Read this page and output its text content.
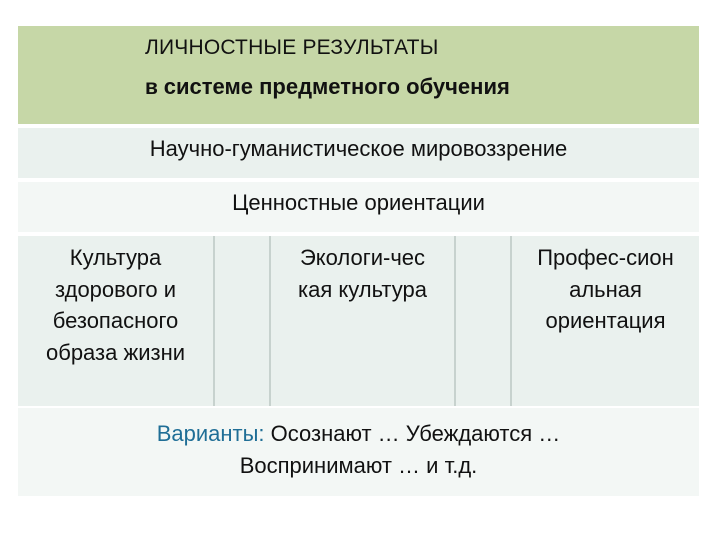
ЛИЧНОСТНЫЕ РЕЗУЛЬТАТЫ
в системе предметного обучения
Научно-гуманистическое мировоззрение
Ценностные ориентации
Культура
здорового и
безопасного
образа жизни
Экологи-чес
кая культура
Профес-сион
альная
ориентация
Варианты: Осознают … Убеждаются …
Воспринимают … и т.д.
